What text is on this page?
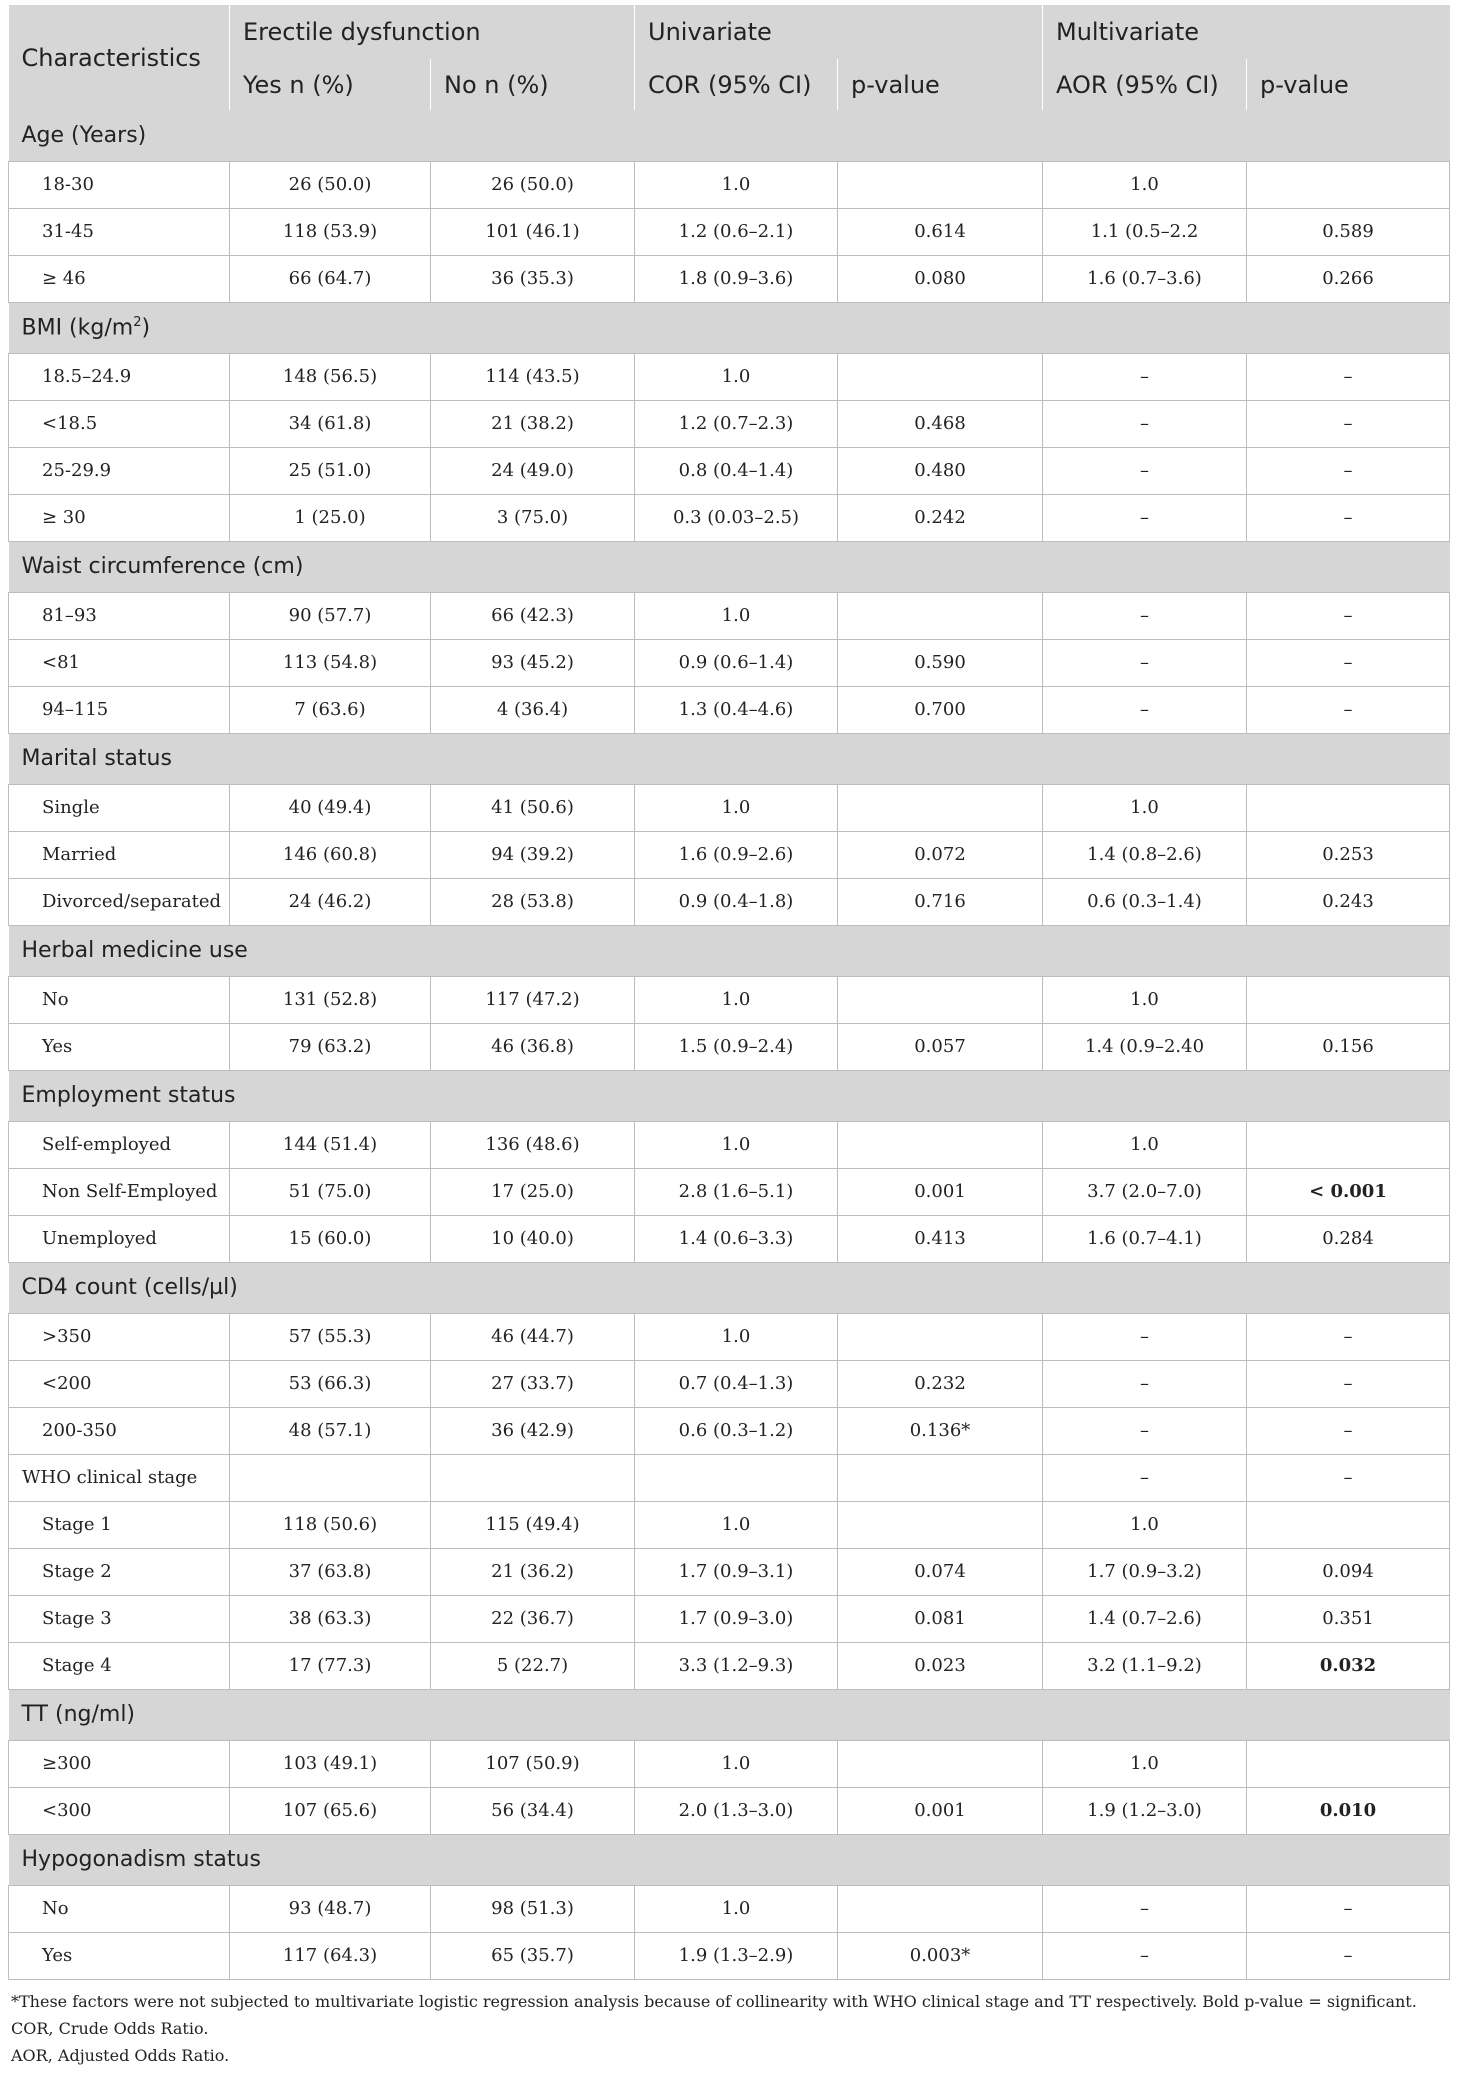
Characteristics	Erectile dysfunction		Univariate		Multivariate	
	Yes n (%)	No n (%)	COR (95% CI)	p-value	AOR (95% CI)	p-value
Age (Years)						
18-30	26 (50.0)	26 (50.0)	1.0		1.0	
31-45	118 (53.9)	101 (46.1)	1.2 (0.6–2.1)	0.614	1.1 (0.5–2.2	0.589
≥ 46	66 (64.7)	36 (35.3)	1.8 (0.9–3.6)	0.080	1.6 (0.7–3.6)	0.266
BMI $(kg/m^2)$						
18.5–24.9	148 (56.5)	114 (43.5)	1.0		–	–
<18.5	34 (61.8)	21 (38.2)	1.2 (0.7–2.3)	0.468	–	–
25-29.9	25 (51.0)	24 (49.0)	0.8 (0.4–1.4)	0.480	–	–
≥ 30	1 (25.0)	3 (75.0)	0.3 (0.03–2.5)	0.242	–	–
Waist circumference (cm)						
81–93	90 (57.7)	66 (42.3)	1.0		–	–
<81	113 (54.8)	93 (45.2)	0.9 (0.6–1.4)	0.590	–	–
94–115	7 (63.6)	4 (36.4)	1.3 (0.4–4.6)	0.700	–	–
Marital status						
Single	40 (49.4)	41 (50.6)	1.0		1.0	
Married	146 (60.8)	94 (39.2)	1.6 (0.9–2.6)	0.072	1.4 (0.8–2.6)	0.253
Divorced/separated	24 (46.2)	28 (53.8)	0.9 (0.4–1.8)	0.716	0.6 (0.3–1.4)	0.243
Herbal medicine use						
No	131 (52.8)	117 (47.2)	1.0		1.0	
Yes	79 (63.2)	46 (36.8)	1.5 (0.9–2.4)	0.057	1.4 (0.9–2.40	0.156
Employment status						
Self-employed	144 (51.4)	136 (48.6)	1.0		1.0	
Non Self-Employed	51 (75.0)	17 (25.0)	2.8 (1.6–5.1)	0.001	3.7 (2.0–7.0)	< 0.001
Unemployed	15 (60.0)	10 (40.0)	1.4 (0.6–3.3)	0.413	1.6 (0.7–4.1)	0.284
CD4 count (cells/µl)						
>350	57 (55.3)	46 (44.7)	1.0		–	–
<200	53 (66.3)	27 (33.7)	0.7 (0.4–1.3)	0.232	–	–
200-350	48 (57.1)	36 (42.9)	0.6 (0.3–1.2)	0.136*	–	–
WHO clinical stage					–	–
Stage 1	118 (50.6)	115 (49.4)	1.0		1.0	
Stage 2	37 (63.8)	21 (36.2)	1.7 (0.9–3.1)	0.074	1.7 (0.9–3.2)	0.094
Stage 3	38 (63.3)	22 (36.7)	1.7 (0.9–3.0)	0.081	1.4 (0.7–2.6)	0.351
Stage 4	17 (77.3)	5 (22.7)	3.3 (1.2–9.3)	0.023	3.2 (1.1–9.2)	0.032
TT (ng/ml)						
≥300	103 (49.1)	107 (50.9)	1.0		1.0	
<300	107 (65.6)	56 (34.4)	2.0 (1.3–3.0)	0.001	1.9 (1.2–3.0)	0.010
Hypogonadism status						
No	93 (48.7)	98 (51.3)	1.0		–	–
Yes	117 (64.3)	65 (35.7)	1.9 (1.3–2.9)	0.003*	–	–
*These factors were not subjected to multivariate logistic regression analysis because of collinearity with WHO clinical stage and TT respectively. Bold p-value = significant.
COR, Crude Odds Ratio.
AOR, Adjusted Odds Ratio.
